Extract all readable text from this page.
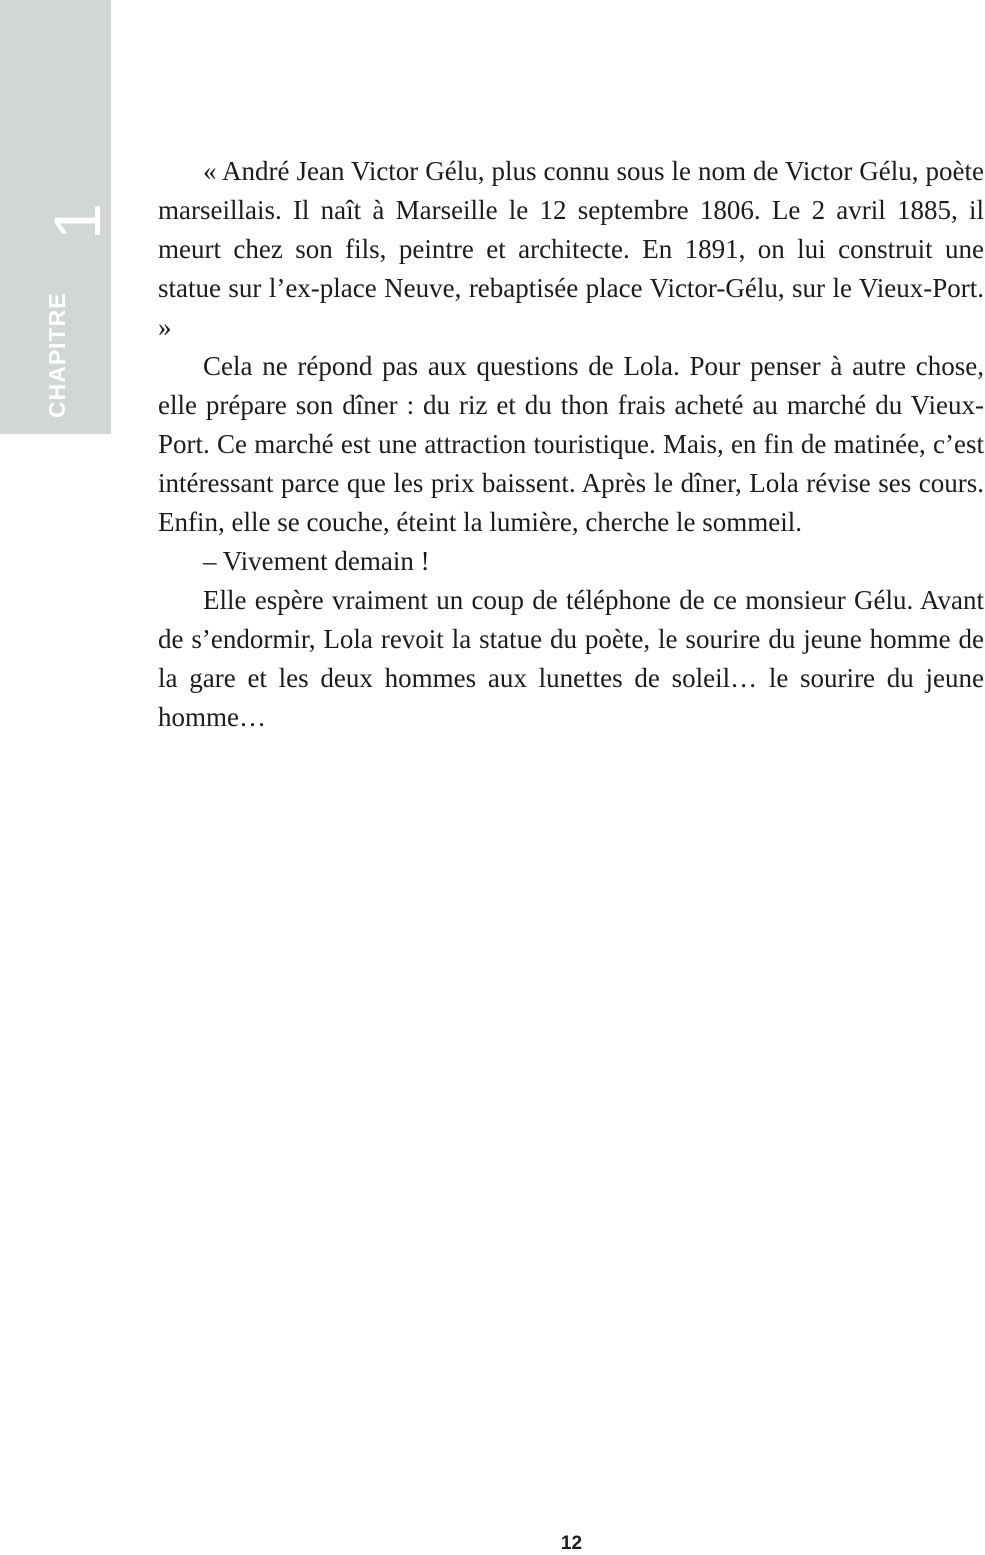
1
CHAPITRE

« André Jean Victor Gélu, plus connu sous le nom de Victor Gélu, poète marseillais. Il naît à Marseille le 12 septembre 1806. Le 2 avril 1885, il meurt chez son fils, peintre et architecte. En 1891, on lui construit une statue sur l’ex-place Neuve, rebaptisée place Victor-Gélu, sur le Vieux-Port. »

Cela ne répond pas aux questions de Lola. Pour penser à autre chose, elle prépare son dîner : du riz et du thon frais acheté au marché du Vieux-Port. Ce marché est une attraction touristique. Mais, en fin de matinée, c’est intéressant parce que les prix baissent. Après le dîner, Lola révise ses cours. Enfin, elle se couche, éteint la lumière, cherche le sommeil.

– Vivement demain !

Elle espère vraiment un coup de téléphone de ce monsieur Gélu. Avant de s’endormir, Lola revoit la statue du poète, le sourire du jeune homme de la gare et les deux hommes aux lunettes de soleil… le sourire du jeune homme…

12
